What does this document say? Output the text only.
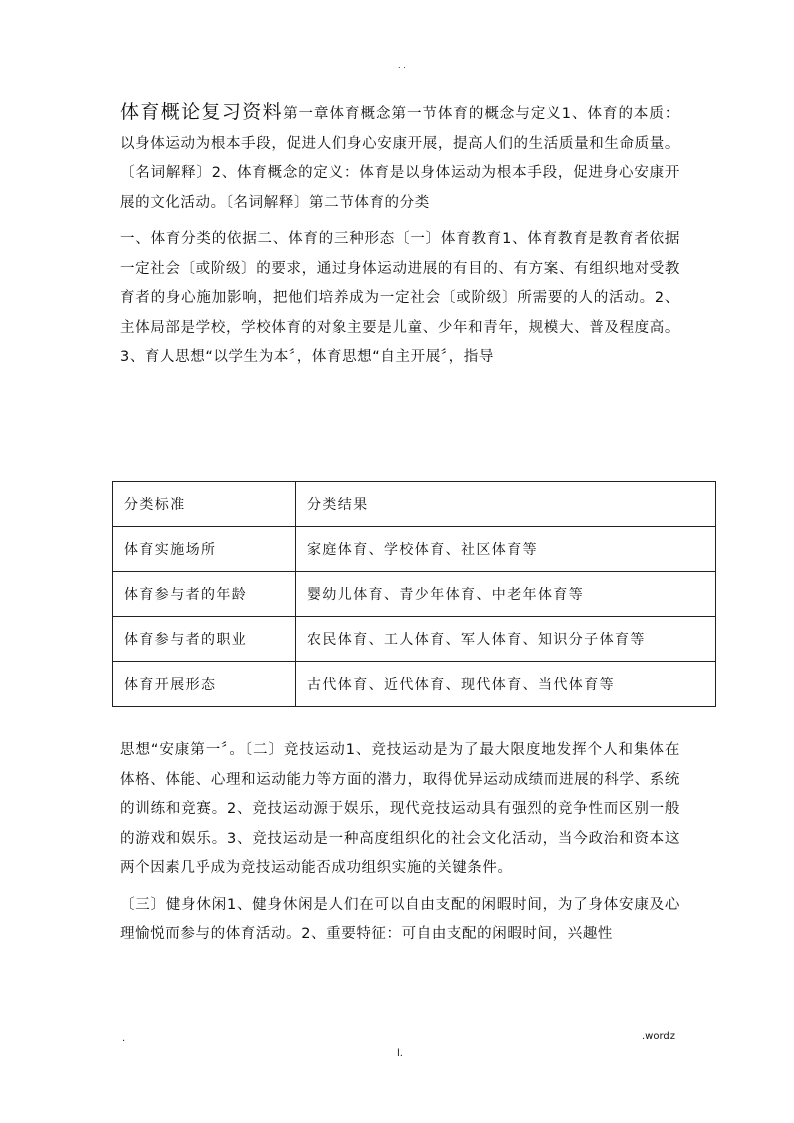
. .

体育概论复习资料第一章体育概念第一节体育的概念与定义1、体育的本质：以身体运动为根本手段，促进人们身心安康开展，提高人们的生活质量和生命质量。〔名词解释〕2、体育概念的定义：体育是以身体运动为根本手段，促进身心安康开展的文化活动。〔名词解释〕第二节体育的分类

一、体育分类的依据二、体育的三种形态〔一〕体育教育1、体育教育是教育者依据一定社会〔或阶级〕的要求，通过身体运动进展的有目的、有方案、有组织地对受教育者的身心施加影响，把他们培养成为一定社会〔或阶级〕所需要的人的活动。2、主体局部是学校，学校体育的对象主要是儿童、少年和青年，规模大、普及程度高。3、育人思想“以学生为本〞，体育思想“自主开展〞，指导

分类标准	分类结果
体育实施场所	家庭体育、学校体育、社区体育等
体育参与者的年龄	婴幼儿体育、青少年体育、中老年体育等
体育参与者的职业	农民体育、工人体育、军人体育、知识分子体育等
体育开展形态	古代体育、近代体育、现代体育、当代体育等

思想“安康第一〞。〔二〕竞技运动1、竞技运动是为了最大限度地发挥个人和集体在体格、体能、心理和运动能力等方面的潜力，取得优异运动成绩而进展的科学、系统的训练和竞赛。2、竞技运动源于娱乐，现代竞技运动具有强烈的竞争性而区别一般的游戏和娱乐。3、竞技运动是一种高度组织化的社会文化活动，当今政治和资本这两个因素几乎成为竞技运动能否成功组织实施的关键条件。

〔三〕健身休闲1、健身休闲是人们在可以自由支配的闲暇时间，为了身体安康及心理愉悦而参与的体育活动。2、重要特征：可自由支配的闲暇时间，兴趣性

.	.wordz
l.
